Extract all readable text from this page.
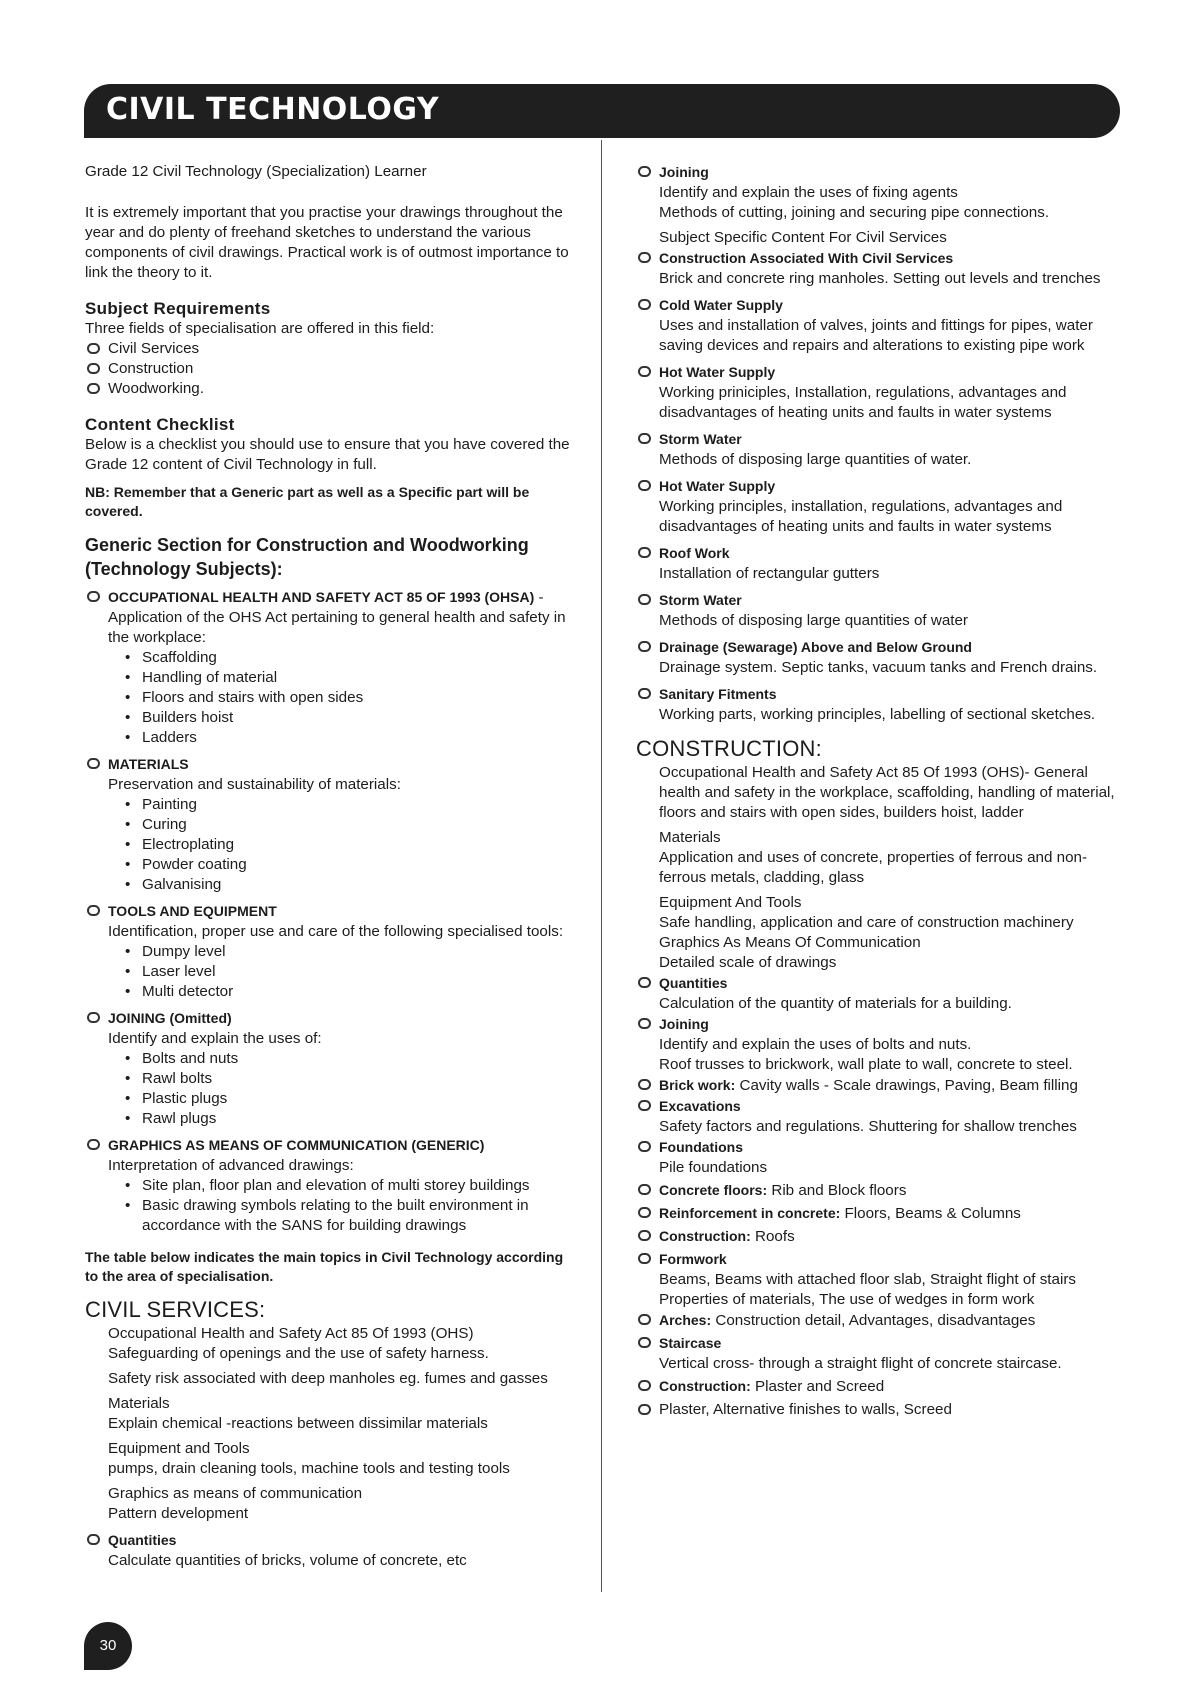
CIVIL TECHNOLOGY

Grade 12 Civil Technology (Specialization) Learner

It is extremely important that you practise your drawings throughout the year and do plenty of freehand sketches to understand the various components of civil drawings. Practical work is of outmost importance to link the theory to it.

Subject Requirements

Three fields of specialisation are offered in this field:

Civil Services
Construction
Woodworking.

Content Checklist

Below is a checklist you should use to ensure that you have covered the Grade 12 content of Civil Technology in full.

NB: Remember that a Generic part as well as a Specific part will be covered.

Generic Section for Construction and Woodworking (Technology Subjects):

OCCUPATIONAL HEALTH AND SAFETY ACT 85 OF 1993 (OHSA) - Application of the OHS Act pertaining to general health and safety in the workplace:
• Scaffolding
• Handling of material
• Floors and stairs with open sides
• Builders hoist
• Ladders
MATERIALS

Preservation and sustainability of materials:

• Painting
• Curing
• Electroplating
• Powder coating
• Galvanising
TOOLS AND EQUIPMENT

Identification, proper use and care of the following specialised tools:

• Dumpy level
• Laser level
• Multi detector
JOINING (Omitted)

Identify and explain the uses of:

• Bolts and nuts
• Rawl bolts
• Plastic plugs
• Rawl plugs
GRAPHICS AS MEANS OF COMMUNICATION (GENERIC)

Interpretation of advanced drawings:

• Site plan, floor plan and elevation of multi storey buildings
• Basic drawing symbols relating to the built environment in accordance with the SANS for building drawings

The table below indicates the main topics in Civil Technology according to the area of specialisation.

CIVIL SERVICES:

Occupational Health and Safety Act 85 Of 1993 (OHS)

Safeguarding of openings and the use of safety harness.

Safety risk associated with deep manholes eg. fumes and gasses

Materials

Explain chemical -reactions between dissimilar materials

Equipment and Tools

pumps, drain cleaning tools, machine tools and testing tools

Graphics as means of communication

Pattern development

Quantities

Calculate quantities of bricks, volume of concrete, etc

Joining

Identify and explain the uses of fixing agents

Methods of cutting, joining and securing pipe connections.

Subject Specific Content For Civil Services

Construction Associated With Civil Services

Brick and concrete ring manholes. Setting out levels and trenches

Cold Water Supply

Uses and installation of valves, joints and fittings for pipes, water saving devices and repairs and alterations to existing pipe work

Hot Water Supply

Working priniciples, Installation, regulations, advantages and disadvantages of heating units and faults in water systems

Storm Water

Methods of disposing large quantities of water.

Hot Water Supply

Working principles, installation, regulations, advantages and disadvantages of heating units and faults in water systems

Roof Work

Installation of rectangular gutters

Storm Water

Methods of disposing large quantities of water

Drainage (Sewarage) Above and Below Ground

Drainage system. Septic tanks, vacuum tanks and French drains.

Sanitary Fitments

Working parts, working principles, labelling of sectional sketches.

CONSTRUCTION:

Occupational Health and Safety Act 85 Of 1993 (OHS)- General health and safety in the workplace, scaffolding, handling of material, floors and stairs with open sides, builders hoist, ladder

Materials

Application and uses of concrete, properties of ferrous and non-ferrous metals, cladding, glass

Equipment And Tools

Safe handling, application and care of construction machinery

Graphics As Means Of Communication

Detailed scale of drawings

Quantities

Calculation of the quantity of materials for a building.

Joining

Identify and explain the uses of bolts and nuts.

Roof trusses to brickwork, wall plate to wall, concrete to steel.

Brick work: Cavity walls - Scale drawings, Paving, Beam filling
Excavations

Safety factors and regulations. Shuttering for shallow trenches

Foundations

Pile foundations

Concrete floors: Rib and Block floors
Reinforcement in concrete: Floors, Beams & Columns
Construction: Roofs
Formwork

Beams, Beams with attached floor slab, Straight flight of stairs Properties of materials, The use of wedges in form work

Arches: Construction detail, Advantages, disadvantages
Staircase

Vertical cross- through a straight flight of concrete staircase.

Construction: Plaster and Screed
Plaster, Alternative finishes to walls, Screed
30
